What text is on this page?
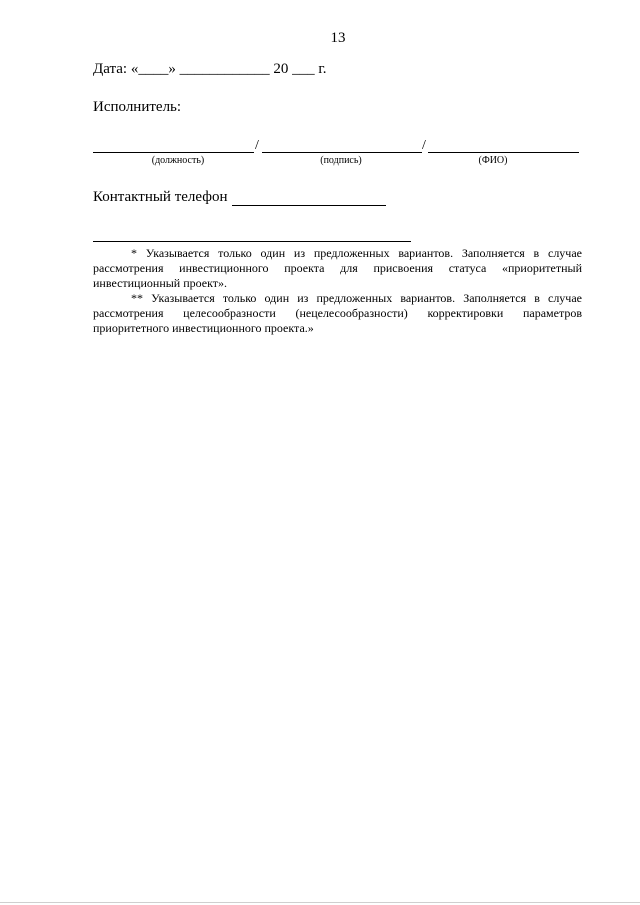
13
Дата: «____» ____________ 20 ___ г.
Исполнитель:
/	/
(должность)	(подпись)	(ФИО)
Контактный телефон

* Указывается только один из предложенных вариантов. Заполняется в случае рассмотрения инвестиционного проекта для присвоения статуса «приоритетный инвестиционный проект».

** Указывается только один из предложенных вариантов. Заполняется в случае рассмотрения целесообразности (нецелесообразности) корректировки параметров приоритетного инвестиционного проекта.»
